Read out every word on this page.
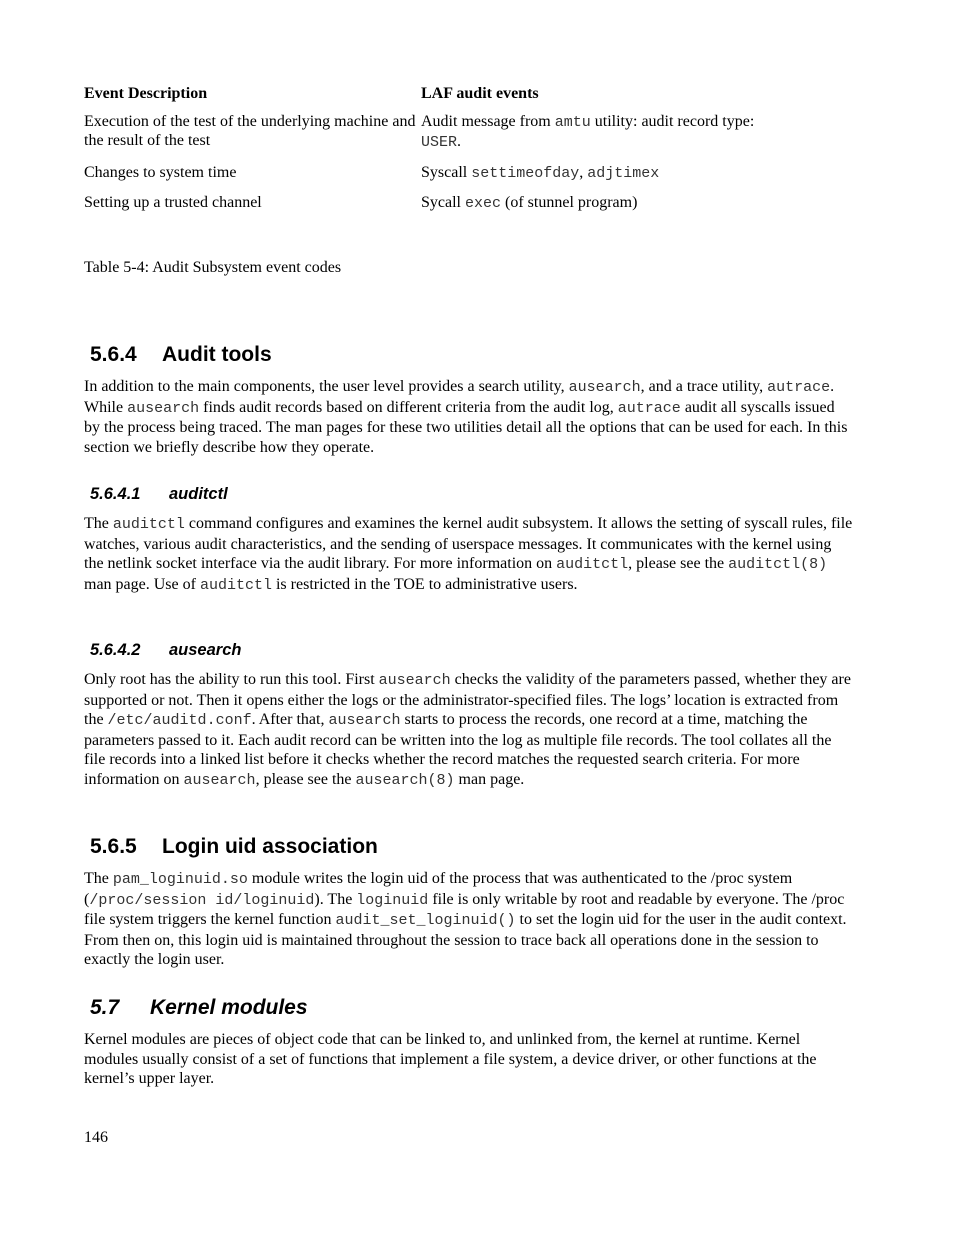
Event Description	LAF audit events
Execution of the test of the underlying machine and the result of the test	Audit message from amtu utility: audit record type: USER.
Changes to system time	Syscall settimeofday, adjtimex
Setting up a trusted channel	Sycall exec (of stunnel program)
Table 5-4: Audit Subsystem event codes
5.6.4 Audit tools

In addition to the main components, the user level provides a search utility, ausearch, and a trace utility, autrace. While ausearch finds audit records based on different criteria from the audit log, autrace audit all syscalls issued by the process being traced. The man pages for these two utilities detail all the options that can be used for each. In this section we briefly describe how they operate.

5.6.4.1 auditctl

The auditctl command configures and examines the kernel audit subsystem. It allows the setting of syscall rules, file watches, various audit characteristics, and the sending of userspace messages. It communicates with the kernel using the netlink socket interface via the audit library. For more information on auditctl, please see the auditctl(8) man page. Use of auditctl is restricted in the TOE to administrative users.

5.6.4.2 ausearch

Only root has the ability to run this tool. First ausearch checks the validity of the parameters passed, whether they are supported or not. Then it opens either the logs or the administrator-specified files. The logs’ location is extracted from the /etc/auditd.conf. After that, ausearch starts to process the records, one record at a time, matching the parameters passed to it. Each audit record can be written into the log as multiple file records. The tool collates all the file records into a linked list before it checks whether the record matches the requested search criteria. For more information on ausearch, please see the ausearch(8) man page.

5.6.5 Login uid association

The pam_loginuid.so module writes the login uid of the process that was authenticated to the /proc system (/proc/session id/loginuid). The loginuid file is only writable by root and readable by everyone. The /proc file system triggers the kernel function audit_set_loginuid() to set the login uid for the user in the audit context. From then on, this login uid is maintained throughout the session to trace back all operations done in the session to exactly the login user.

5.7 Kernel modules

Kernel modules are pieces of object code that can be linked to, and unlinked from, the kernel at runtime. Kernel modules usually consist of a set of functions that implement a file system, a device driver, or other functions at the kernel’s upper layer.

146
